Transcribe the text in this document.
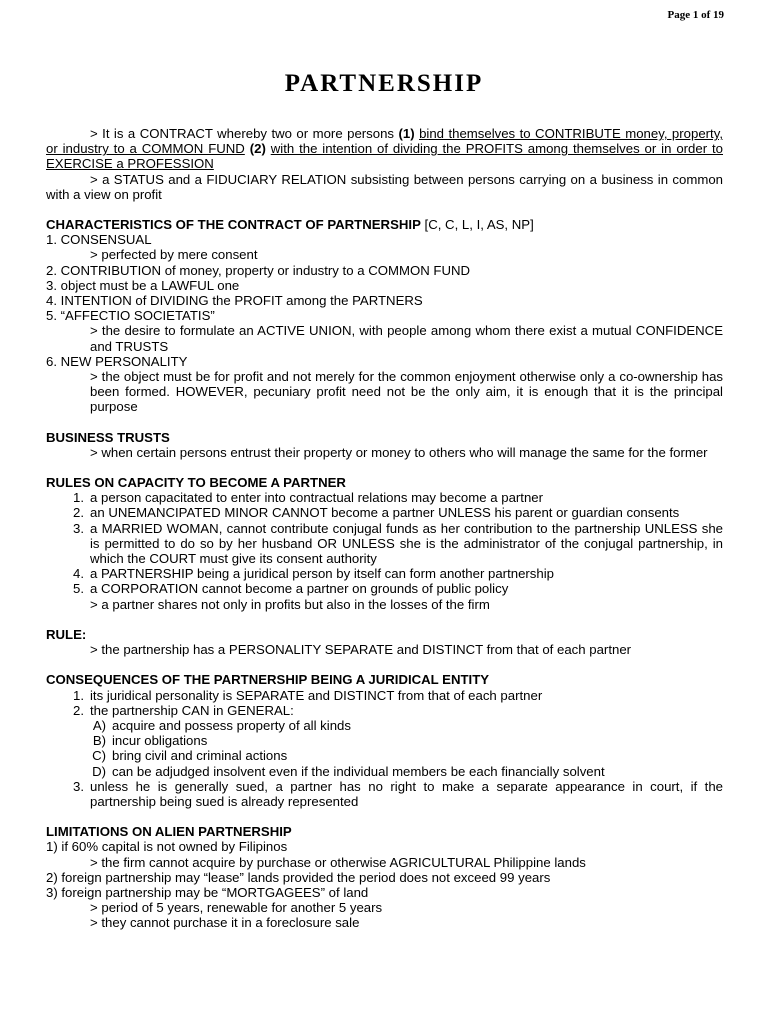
Page 1 of 19
PARTNERSHIP
> It is a CONTRACT whereby two or more persons (1) bind themselves to CONTRIBUTE money, property, or industry to a COMMON FUND (2) with the intention of dividing the PROFITS among themselves or in order to EXERCISE a PROFESSION
> a STATUS and a FIDUCIARY RELATION subsisting between persons carrying on a business in common with a view on profit
CHARACTERISTICS OF THE CONTRACT OF PARTNERSHIP [C, C, L, I, AS, NP]
1. CONSENSUAL
> perfected by mere consent
2. CONTRIBUTION of money, property or industry to a COMMON FUND
3. object must be a LAWFUL one
4. INTENTION of DIVIDING the PROFIT among the PARTNERS
5. “AFFECTIO SOCIETATIS”
> the desire to formulate an ACTIVE UNION, with people among whom there exist a mutual CONFIDENCE and TRUSTS
6. NEW PERSONALITY
> the object must be for profit and not merely for the common enjoyment otherwise only a co-ownership has been formed. HOWEVER, pecuniary profit need not be the only aim, it is enough that it is the principal purpose
BUSINESS TRUSTS
> when certain persons entrust their property or money to others who will manage the same for the former
RULES ON CAPACITY TO BECOME A PARTNER
1. a person capacitated to enter into contractual relations may become a partner
2. an UNEMANCIPATED MINOR CANNOT become a partner UNLESS his parent or guardian consents
3. a MARRIED WOMAN, cannot contribute conjugal funds as her contribution to the partnership UNLESS she is permitted to do so by her husband OR UNLESS she is the administrator of the conjugal partnership, in which the COURT must give its consent authority
4. a PARTNERSHIP being a juridical person by itself can form another partnership
5. a CORPORATION cannot become a partner on grounds of public policy
> a partner shares not only in profits but also in the losses of the firm
RULE:
> the partnership has a PERSONALITY SEPARATE and DISTINCT from that of each partner
CONSEQUENCES OF THE PARTNERSHIP BEING A JURIDICAL ENTITY
1. its juridical personality is SEPARATE and DISTINCT from that of each partner
2. the partnership CAN in GENERAL:
A) acquire and possess property of all kinds
B) incur obligations
C) bring civil and criminal actions
D) can be adjudged insolvent even if the individual members be each financially solvent
3. unless he is generally sued, a partner has no right to make a separate appearance in court, if the partnership being sued is already represented
LIMITATIONS ON ALIEN PARTNERSHIP
1) if 60% capital is not owned by Filipinos
> the firm cannot acquire by purchase or otherwise AGRICULTURAL Philippine lands
2) foreign partnership may “lease” lands provided the period does not exceed 99 years
3) foreign partnership may be “MORTGAGEES” of land
> period of 5 years, renewable for another 5 years
> they cannot purchase it in a foreclosure sale
